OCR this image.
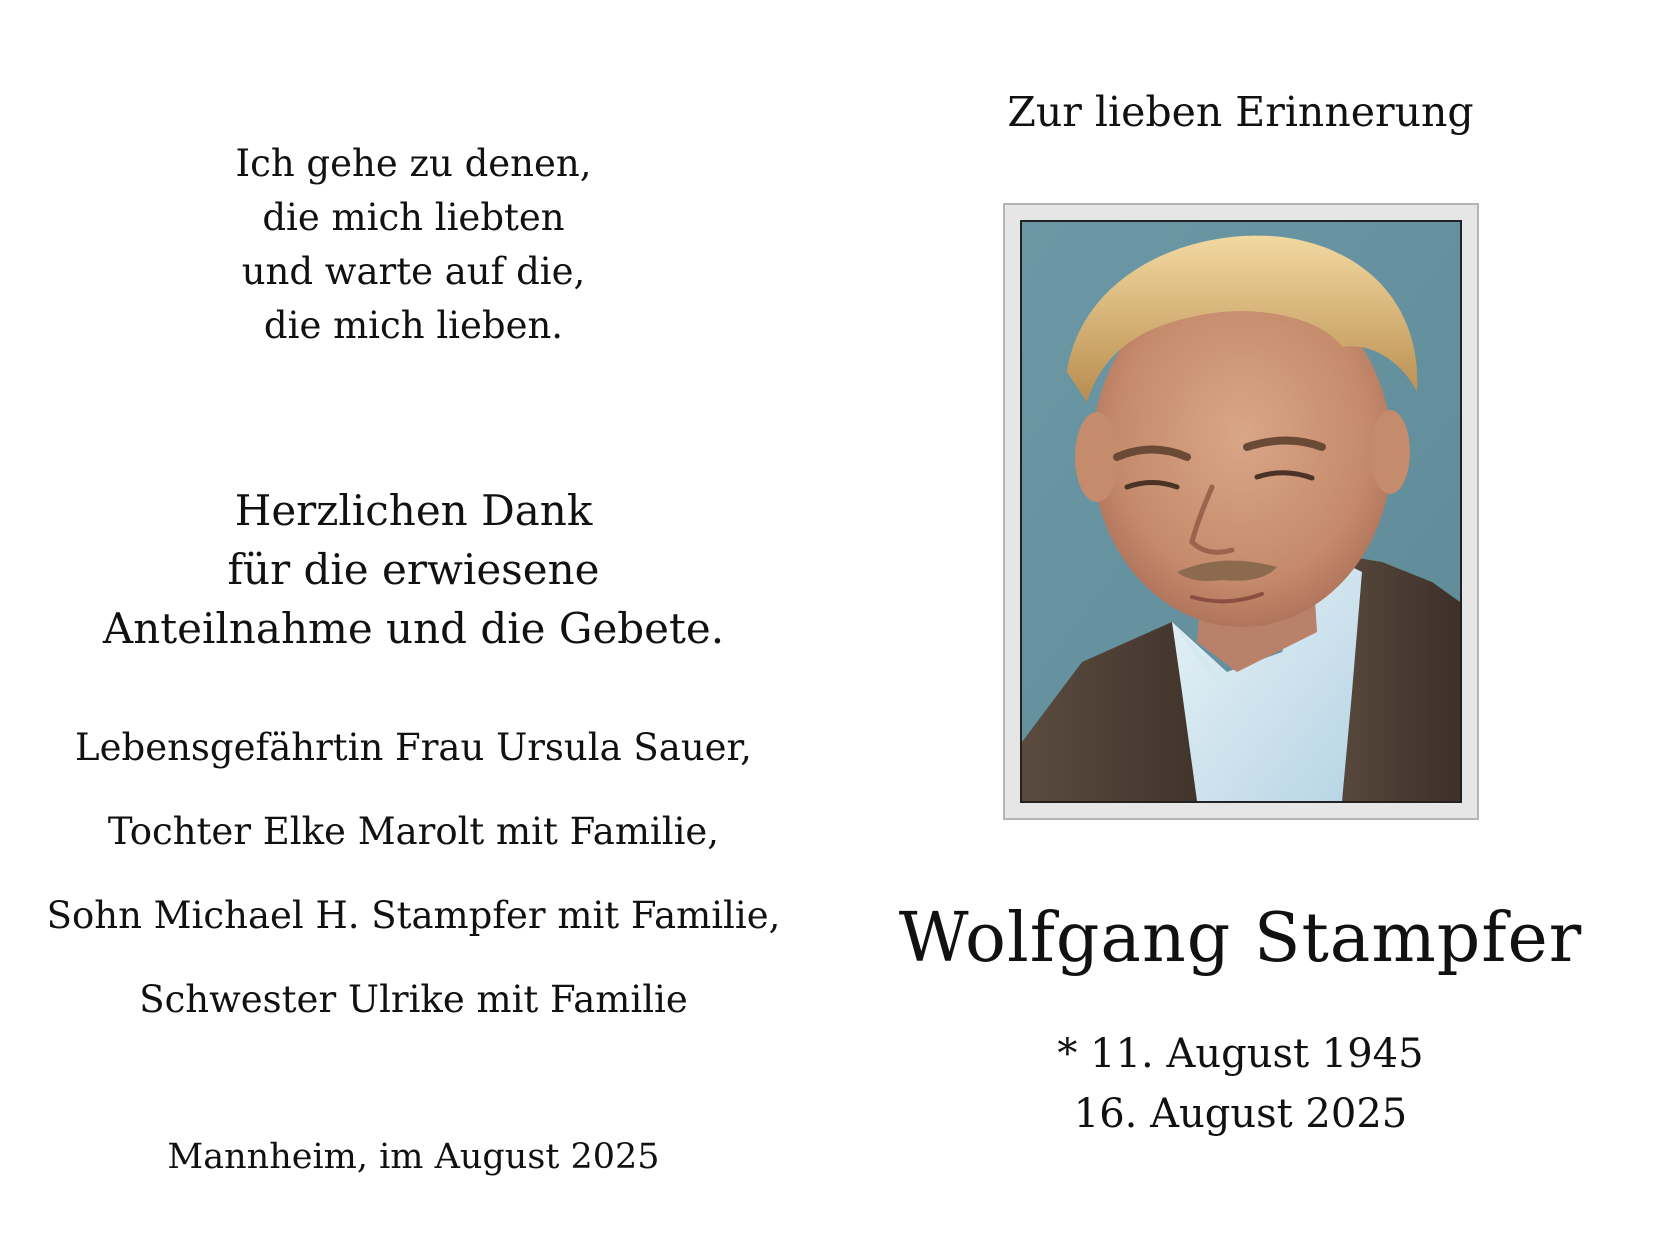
Ich gehe zu denen,
die mich liebten
und warte auf die,
die mich lieben.
Herzlichen Dank
für die erwiesene
Anteilnahme und die Gebete.
Lebensgefährtin Frau Ursula Sauer,
Tochter Elke Marolt mit Familie,
Sohn Michael H. Stampfer mit Familie,
Schwester Ulrike mit Familie
Mannheim, im August 2025
Zur lieben Erinnerung
Wolfgang Stampfer
* 11. August 1945
16. August 2025
